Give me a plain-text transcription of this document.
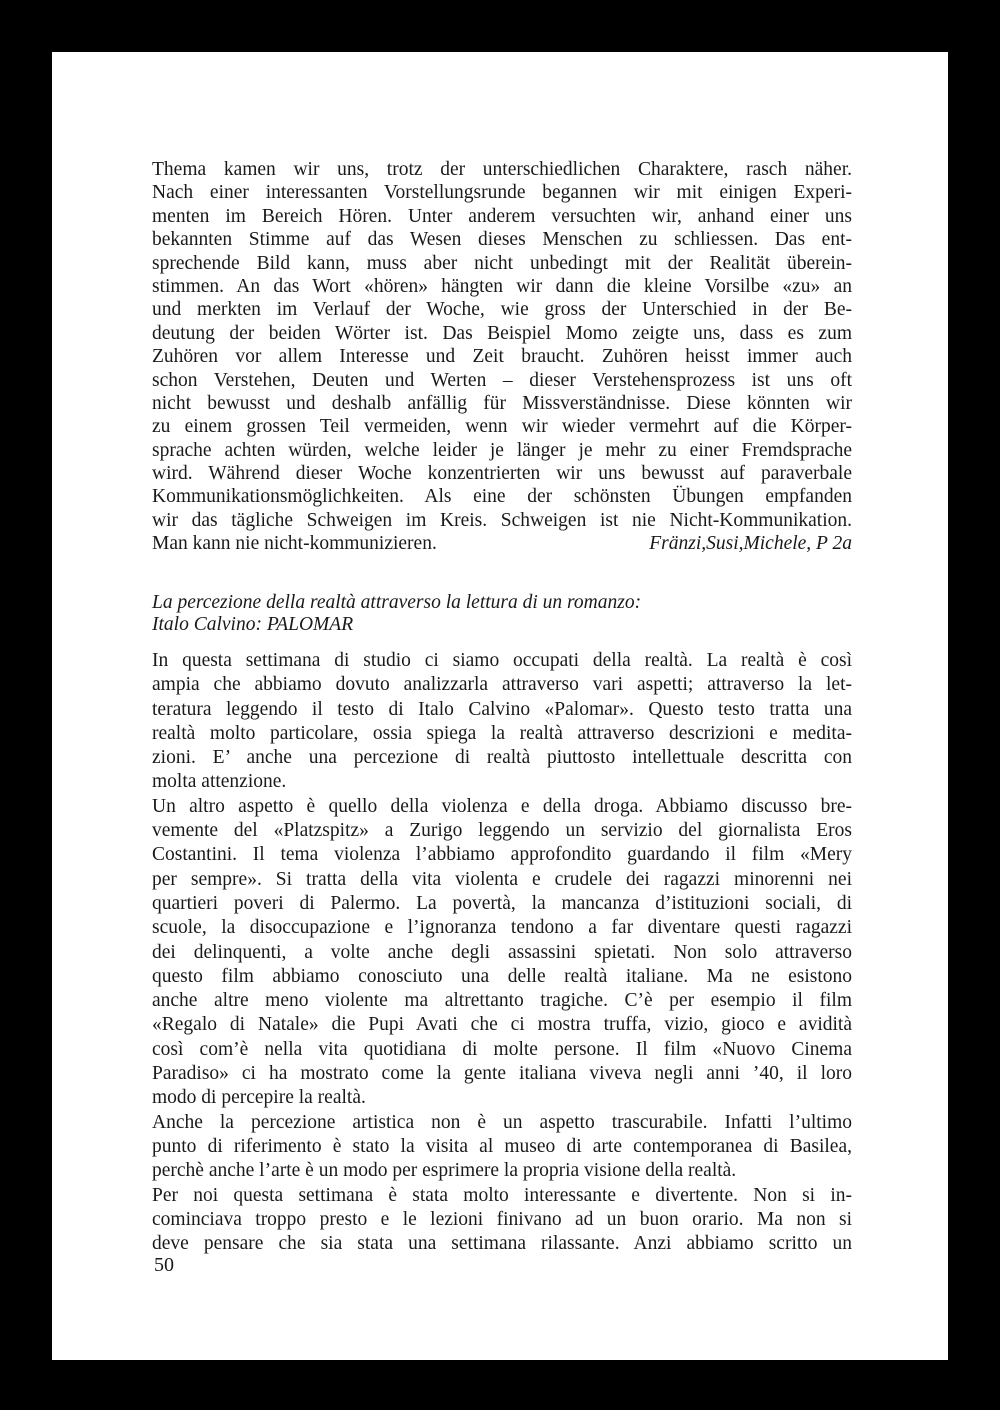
Thema kamen wir uns, trotz der unterschiedlichen Charaktere, rasch näher.
Nach einer interessanten Vorstellungsrunde begannen wir mit einigen Experi-
menten im Bereich Hören. Unter anderem versuchten wir, anhand einer uns
bekannten Stimme auf das Wesen dieses Menschen zu schliessen. Das ent-
sprechende Bild kann, muss aber nicht unbedingt mit der Realität überein-
stimmen. An das Wort «hören» hängten wir dann die kleine Vorsilbe «zu» an
und merkten im Verlauf der Woche, wie gross der Unterschied in der Be-
deutung der beiden Wörter ist. Das Beispiel Momo zeigte uns, dass es zum
Zuhören vor allem Interesse und Zeit braucht. Zuhören heisst immer auch
schon Verstehen, Deuten und Werten – dieser Verstehensprozess ist uns oft
nicht bewusst und deshalb anfällig für Missverständnisse. Diese könnten wir
zu einem grossen Teil vermeiden, wenn wir wieder vermehrt auf die Körper-
sprache achten würden, welche leider je länger je mehr zu einer Fremdsprache
wird. Während dieser Woche konzentrierten wir uns bewusst auf paraverbale
Kommunikationsmöglichkeiten. Als eine der schönsten Übungen empfanden
wir das tägliche Schweigen im Kreis. Schweigen ist nie Nicht-Kommunikation.
Man kann nie nicht-kommunizieren.	Fränzi,Susi,Michele, P 2a
La percezione della realtà attraverso la lettura di un romanzo:
Italo Calvino: PALOMAR
In questa settimana di studio ci siamo occupati della realtà. La realtà è così
ampia che abbiamo dovuto analizzarla attraverso vari aspetti; attraverso la let-
teratura leggendo il testo di Italo Calvino «Palomar». Questo testo tratta una
realtà molto particolare, ossia spiega la realtà attraverso descrizioni e medita-
zioni. E’ anche una percezione di realtà piuttosto intellettuale descritta con
molta attenzione.
Un altro aspetto è quello della violenza e della droga. Abbiamo discusso bre-
vemente del «Platzspitz» a Zurigo leggendo un servizio del giornalista Eros
Costantini. Il tema violenza l’abbiamo approfondito guardando il film «Mery
per sempre». Si tratta della vita violenta e crudele dei ragazzi minorenni nei
quartieri poveri di Palermo. La povertà, la mancanza d’istituzioni sociali, di
scuole, la disoccupazione e l’ignoranza tendono a far diventare questi ragazzi
dei delinquenti, a volte anche degli assassini spietati. Non solo attraverso
questo film abbiamo conosciuto una delle realtà italiane. Ma ne esistono
anche altre meno violente ma altrettanto tragiche. C’è per esempio il film
«Regalo di Natale» die Pupi Avati che ci mostra truffa, vizio, gioco e avidità
così com’è nella vita quotidiana di molte persone. Il film «Nuovo Cinema
Paradiso» ci ha mostrato come la gente italiana viveva negli anni ’40, il loro
modo di percepire la realtà.
Anche la percezione artistica non è un aspetto trascurabile. Infatti l’ultimo
punto di riferimento è stato la visita al museo di arte contemporanea di Basilea,
perchè anche l’arte è un modo per esprimere la propria visione della realtà.
Per noi questa settimana è stata molto interessante e divertente. Non si in-
cominciava troppo presto e le lezioni finivano ad un buon orario. Ma non si
deve pensare che sia stata una settimana rilassante. Anzi abbiamo scritto un
50
